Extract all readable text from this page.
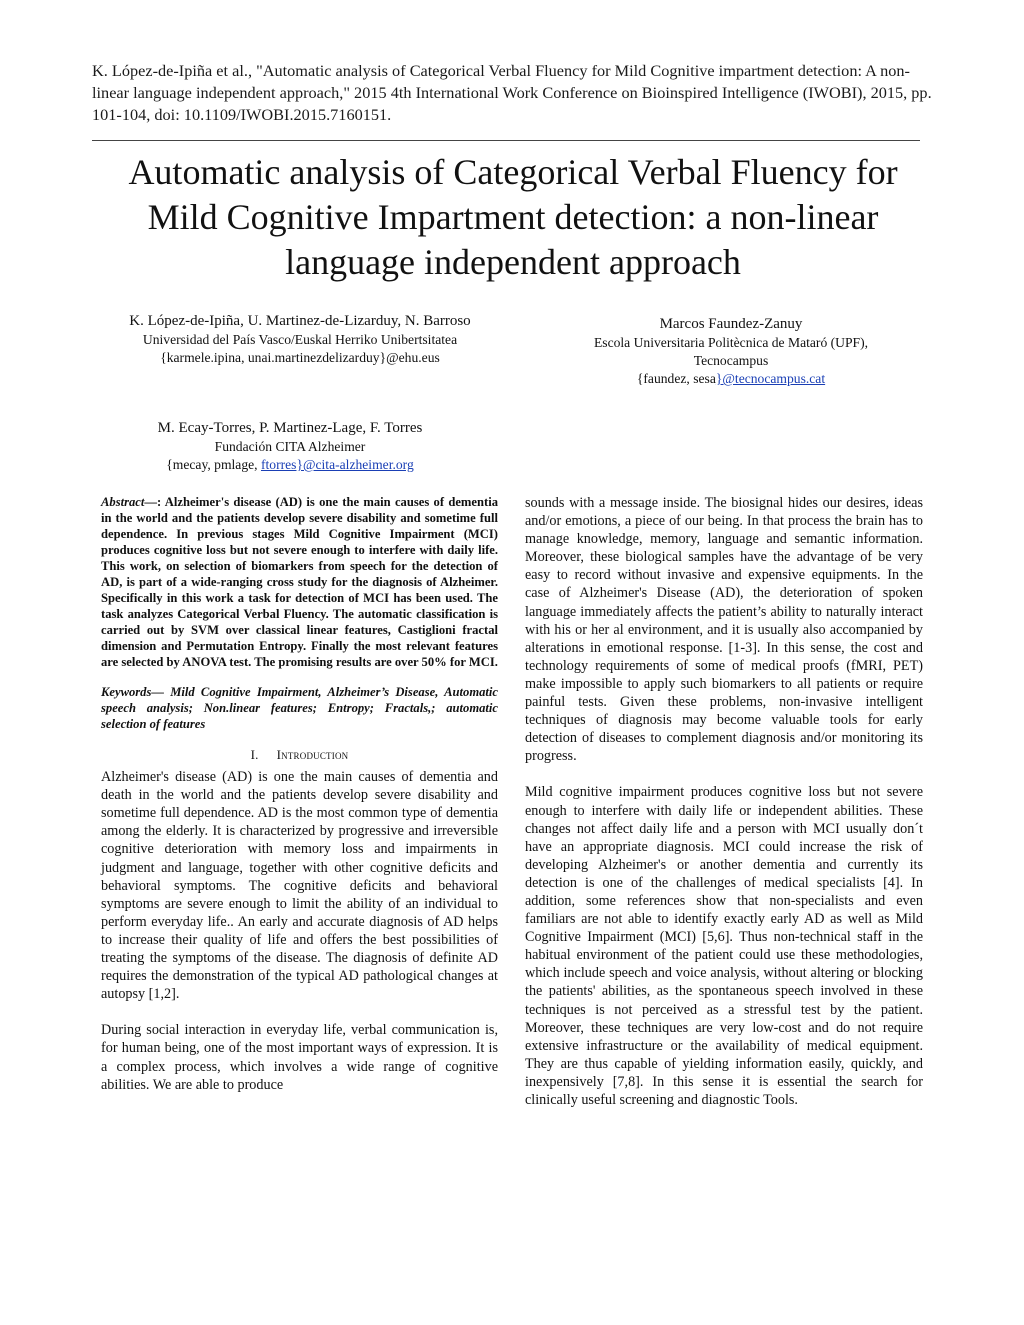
K. López-de-Ipiña et al., "Automatic analysis of Categorical Verbal Fluency for Mild Cognitive impartment detection: A non-linear language independent approach," 2015 4th International Work Conference on Bioinspired Intelligence (IWOBI), 2015, pp. 101-104, doi: 10.1109/IWOBI.2015.7160151.
Automatic analysis of Categorical Verbal Fluency for Mild Cognitive Impartment detection: a non-linear language independent approach
K. López-de-Ipiña, U. Martinez-de-Lizarduy, N. Barroso
Universidad del País Vasco/Euskal Herriko Unibertsitatea
{karmele.ipina, unai.martinezdelizarduy}@ehu.eus
Marcos Faundez-Zanuy
Escola Universitaria Politècnica de Mataró (UPF), Tecnocampus
{faundez, sesa}@tecnocampus.cat
M. Ecay-Torres, P. Martinez-Lage, F. Torres
Fundación CITA Alzheimer
{mecay, pmlage, ftorres}@cita-alzheimer.org

Abstract—: Alzheimer's disease (AD) is one the main causes of dementia in the world and the patients develop severe disability and sometime full dependence. In previous stages Mild Cognitive Impairment (MCI) produces cognitive loss but not severe enough to interfere with daily life. This work, on selection of biomarkers from speech for the detection of AD, is part of a wide-ranging cross study for the diagnosis of Alzheimer. Specifically in this work a task for detection of MCI has been used. The task analyzes Categorical Verbal Fluency. The automatic classification is carried out by SVM over classical linear features, Castiglioni fractal dimension and Permutation Entropy. Finally the most relevant features are selected by ANOVA test. The promising results are over 50% for MCI.

Keywords— Mild Cognitive Impairment, Alzheimer’s Disease, Automatic speech analysis; Non.linear features; Entropy; Fractals,; automatic selection of features

I. Introduction

Alzheimer's disease (AD) is one the main causes of dementia and death in the world and the patients develop severe disability and sometime full dependence. AD is the most common type of dementia among the elderly. It is characterized by progressive and irreversible cognitive deterioration with memory loss and impairments in judgment and language, together with other cognitive deficits and behavioral symptoms. The cognitive deficits and behavioral symptoms are severe enough to limit the ability of an individual to perform everyday life.. An early and accurate diagnosis of AD helps to increase their quality of life and offers the best possibilities of treating the symptoms of the disease. The diagnosis of definite AD requires the demonstration of the typical AD pathological changes at autopsy [1,2].

During social interaction in everyday life, verbal communication is, for human being, one of the most important ways of expression. It is a complex process, which involves a wide range of cognitive abilities. We are able to produce

sounds with a message inside. The biosignal hides our desires, ideas and/or emotions, a piece of our being. In that process the brain has to manage knowledge, memory, language and semantic information. Moreover, these biological samples have the advantage of be very easy to record without invasive and expensive equipments. In the case of Alzheimer's Disease (AD), the deterioration of spoken language immediately affects the patient’s ability to naturally interact with his or her al environment, and it is usually also accompanied by alterations in emotional response. [1-3]. In this sense, the cost and technology requirements of some of medical proofs (fMRI, PET) make impossible to apply such biomarkers to all patients or require painful tests. Given these problems, non-invasive intelligent techniques of diagnosis may become valuable tools for early detection of diseases to complement diagnosis and/or monitoring its progress.

Mild cognitive impairment produces cognitive loss but not severe enough to interfere with daily life or independent abilities. These changes not affect daily life and a person with MCI usually don´t have an appropriate diagnosis. MCI could increase the risk of developing Alzheimer's or another dementia and currently its detection is one of the challenges of medical specialists [4]. In addition, some references show that non-specialists and even familiars are not able to identify exactly early AD as well as Mild Cognitive Impairment (MCI) [5,6]. Thus non-technical staff in the habitual environment of the patient could use these methodologies, which include speech and voice analysis, without altering or blocking the patients' abilities, as the spontaneous speech involved in these techniques is not perceived as a stressful test by the patient. Moreover, these techniques are very low-cost and do not require extensive infrastructure or the availability of medical equipment. They are thus capable of yielding information easily, quickly, and inexpensively [7,8]. In this sense it is essential the search for clinically useful screening and diagnostic Tools.
